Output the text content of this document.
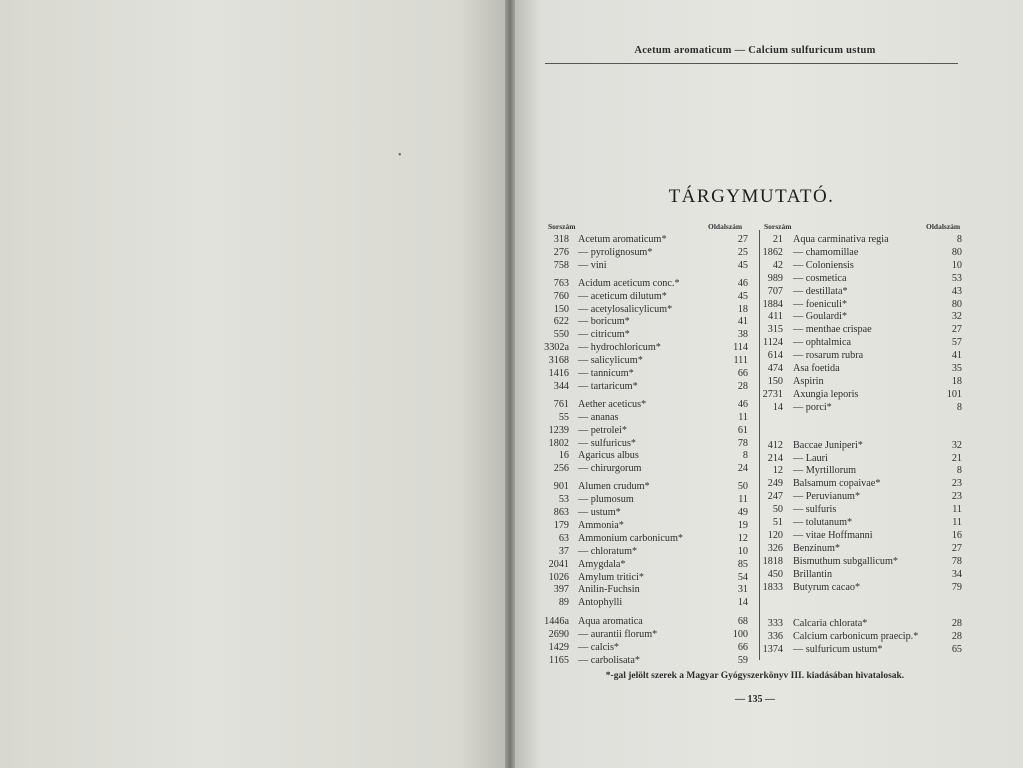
•
Acetum aromaticum — Calcium sulfuricum ustum
TÁRGYMUTATÓ.
Sorszám	Oldalszám	Sorszám	Oldalszám
318 Acetum aromaticum*	27
276 — pyrolignosum*	25
758 — vini	45
763 Acidum aceticum conc.*	46
760 — aceticum dilutum*	45
150 — acetylosalicylicum*	18
622 — boricum*	41
550 — citricum*	38
3302a — hydrochloricum*	114
3168 — salicylicum*	111
1416 — tannicum*	66
344 — tartaricum*	28
761 Aether aceticus*	46
55 — ananas	11
1239 — petrolei*	61
1802 — sulfuricus*	78
16 Agaricus albus	8
256 — chirurgorum	24
901 Alumen crudum*	50
53 — plumosum	11
863 — ustum*	49
179 Ammonia*	19
63 Ammonium carbonicum*	12
37 — chloratum*	10
2041 Amygdala*	85
1026 Amylum tritici*	54
397 Anilin-Fuchsin	31
89 Antophylli	14
1446a Aqua aromatica	68
2690 — aurantii florum*	100
1429 — calcis*	66
1165 — carbolisata*	59
21 Aqua carminativa regia	8
1862 — chamomillae	80
42 — Coloniensis	10
989 — cosmetica	53
707 — destillata*	43
1884 — foeniculi*	80
411 — Goulardi*	32
315 — menthae crispae	27
1124 — ophtalmica	57
614 — rosarum rubra	41
474 Asa foetida	35
150 Aspirin	18
2731 Axungia leporis	101
14 — porci*	8
412 Baccae Juniperi*	32
214 — Lauri	21
12 — Myrtillorum	8
249 Balsamum copaivae*	23
247 — Peruvianum*	23
50 — sulfuris	11
51 — tolutanum*	11
120 — vitae Hoffmanni	16
326 Benzinum*	27
1818 Bismuthum subgallicum*	78
450 Brillantin	34
1833 Butyrum cacao*	79
333 Calcaria chlorata*	28
336 Calcium carbonicum praecip.*	28
1374 — sulfuricum ustum*	65
*-gal jelölt szerek a Magyar Gyógyszerkönyv III. kiadásában hivatalosak.
— 135 —
